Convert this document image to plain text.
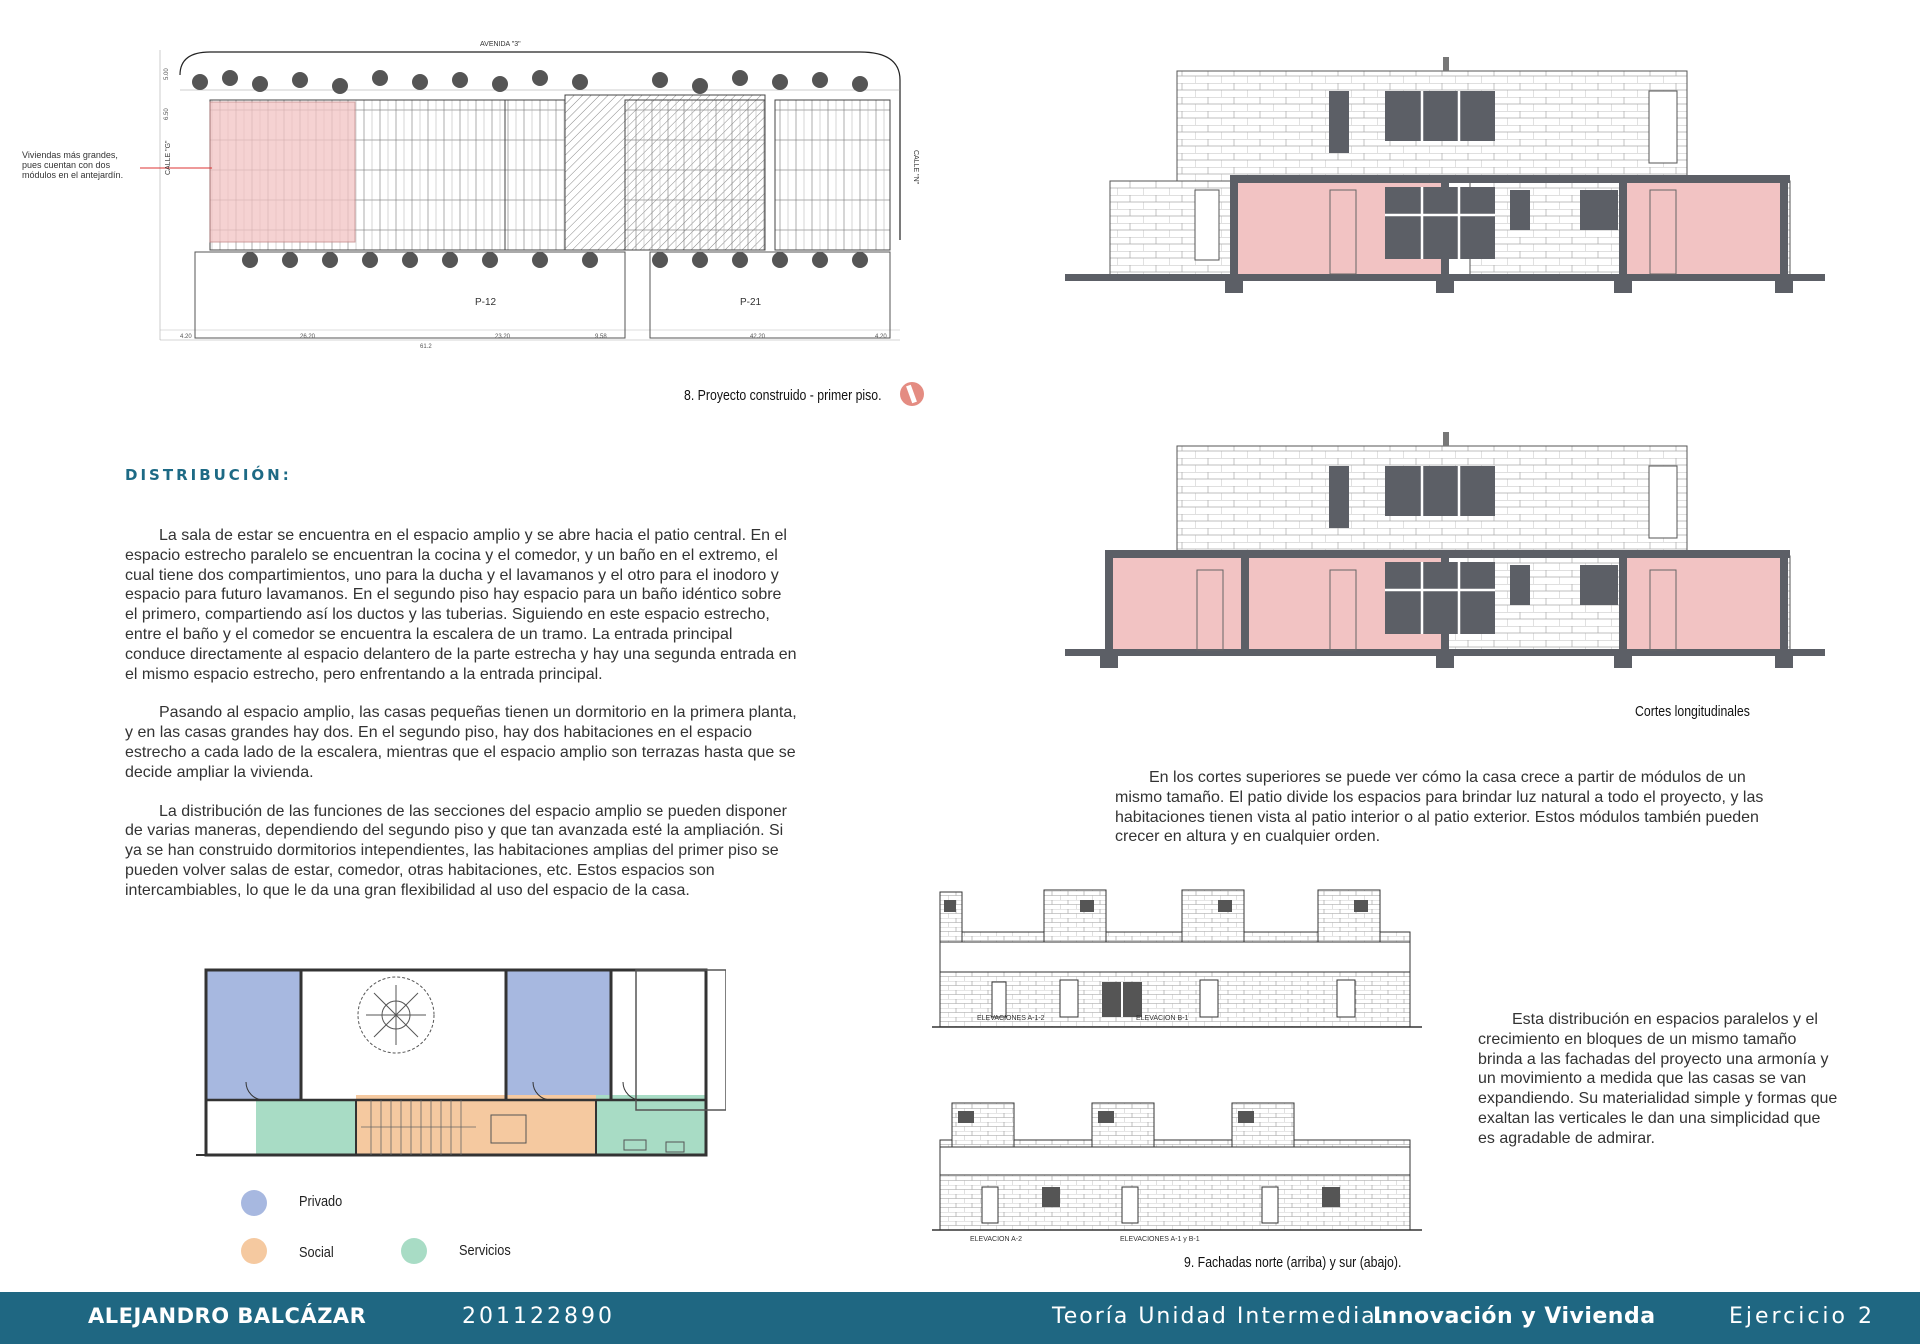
AVENIDA "3"
P-12	P-21
CALLE "G"	CALLE "N"
5.00
6.50
4.20	26.20
61.2
23.20	9.58	42.20	4.20
Viviendas más grandes,
pues cuentan con dos
módulos en el antejardín.
8. Proyecto construido - primer piso.
DISTRIBUCIÓN:

La sala de estar se encuentra en el espacio amplio y se abre hacia el patio central. En el espacio estrecho paralelo se encuentran la cocina y el comedor, y un baño en el extremo, el cual tiene dos compartimientos, uno para la ducha y el lavamanos y el otro para el inodoro y espacio para futuro lavamanos. En el segundo piso hay espacio para un baño idéntico sobre el primero, compartiendo así los ductos y las tuberias. Siguiendo en este espacio estrecho, entre el baño y el comedor se encuentra la escalera de un tramo. La entrada principal conduce directamente al espacio delantero de la parte estrecha y hay una segunda entrada en el mismo espacio estrecho, pero enfrentando a la entrada principal.

Pasando al espacio amplio, las casas pequeñas tienen un dormitorio en la primera planta, y en las casas grandes hay dos. En el segundo piso, hay dos habitaciones en el espacio estrecho a cada lado de la escalera, mientras que el espacio amplio son terrazas hasta que se decide ampliar la vivienda.

La distribución de las funciones de las secciones del espacio amplio se pueden disponer de varias maneras, dependiendo del segundo piso y que tan avanzada esté la ampliación. Si ya se han construido dormitorios intependientes, las habitaciones amplias del primer piso se pueden volver salas de estar, comedor, otras habitaciones, etc. Estos espacios son intercambiables, lo que le da una gran flexibilidad al uso del espacio de la casa.

Privado
Social	Servicios
Cortes longitudinales

En los cortes superiores se puede ver cómo la casa crece a partir de módulos de un mismo tamaño. El patio divide los espacios para brindar luz natural a todo el proyecto, y las habitaciones tienen vista al patio interior o al patio exterior. Estos módulos también pueden crecer en altura y en cualquier orden.

ELEVACIONES A-1-2	ELEVACION B-1
ELEVACION A-2	ELEVACIONES A-1 y B-1
9. Fachadas norte (arriba) y sur (abajo).

Esta distribución en espacios paralelos y el crecimiento en bloques de un mismo tamaño brinda a las fachadas del proyecto una armonía y un movimiento a medida que las casas se van expandiendo. Su materialidad simple y formas que exaltan las verticales le dan una simplicidad que es agradable de admirar.

ALEJANDRO BALCÁZAR	201122890	Teoría Unidad Intermedia.
Innovación y Vivienda	Ejercicio 2
